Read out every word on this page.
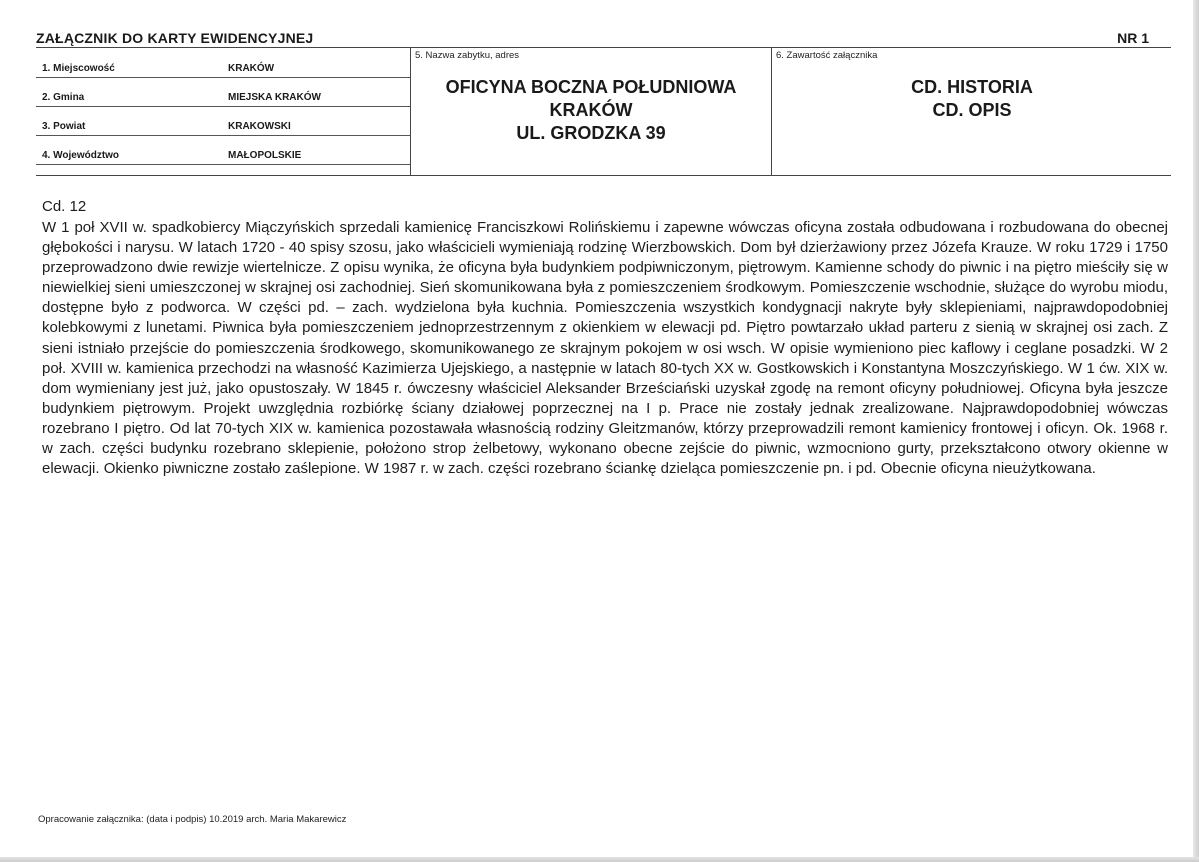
ZAŁĄCZNIK DO KARTY EWIDENCYJNEJ	NR 1
1. Miejscowość	KRAKÓW
2. Gmina	MIEJSKA KRAKÓW
3. Powiat	KRAKOWSKI
4. Województwo	MAŁOPOLSKIE
5. Nazwa zabytku, adres
OFICYNA BOCZNA POŁUDNIOWA
KRAKÓW
UL. GRODZKA 39
6. Zawartość załącznika
CD. HISTORIA
CD. OPIS
Cd. 12
W 1 poł XVII w. spadkobiercy Miączyńskich sprzedali kamienicę Franciszkowi Rolińskiemu i zapewne wówczas oficyna została odbudowana i rozbudowana do obecnej głębokości i narysu. W latach 1720 - 40 spisy szosu, jako właścicieli wymieniają rodzinę Wierzbowskich. Dom był dzierżawiony przez Józefa Krauze. W roku 1729 i 1750 przeprowadzono dwie rewizje wiertelnicze. Z opisu wynika, że oficyna była budynkiem podpiwniczonym, piętrowym. Kamienne schody do piwnic i na piętro mieściły się w niewielkiej sieni umieszczonej w skrajnej osi zachodniej. Sień skomunikowana była z pomieszczeniem środkowym. Pomieszczenie wschodnie, służące do wyrobu miodu, dostępne było z podworca. W części pd. – zach. wydzielona była kuchnia. Pomieszczenia wszystkich kondygnacji nakryte były sklepieniami, najprawdopodobniej kolebkowymi z lunetami. Piwnica była pomieszczeniem jednoprzestrzennym z okienkiem w elewacji pd. Piętro powtarzało układ parteru z sienią w skrajnej osi zach. Z sieni istniało przejście do pomieszczenia środkowego, skomunikowanego ze skrajnym pokojem w osi wsch. W opisie wymieniono piec kaflowy i ceglane posadzki. W 2 poł. XVIII w. kamienica przechodzi na własność Kazimierza Ujejskiego, a następnie w latach 80-tych XX w. Gostkowskich i Konstantyna Moszczyńskiego. W 1 ćw. XIX w. dom wymieniany jest już, jako opustoszały. W 1845 r. ówczesny właściciel Aleksander Brześciański uzyskał zgodę na remont oficyny południowej. Oficyna była jeszcze budynkiem piętrowym. Projekt uwzględnia rozbiórkę ściany działowej poprzecznej na I p. Prace nie zostały jednak zrealizowane. Najprawdopodobniej wówczas rozebrano I piętro. Od lat 70-tych XIX w. kamienica pozostawała własnością rodziny Gleitzmanów, którzy przeprowadzili remont kamienicy frontowej i oficyn. Ok. 1968 r. w zach. części budynku rozebrano sklepienie, położono strop żelbetowy, wykonano obecne zejście do piwnic, wzmocniono gurty, przekształcono otwory okienne w elewacji. Okienko piwniczne zostało zaślepione. W 1987 r. w zach. części rozebrano ściankę dzieląca pomieszczenie pn. i pd. Obecnie oficyna nieużytkowana.
Opracowanie załącznika: (data i podpis) 10.2019 arch. Maria Makarewicz
